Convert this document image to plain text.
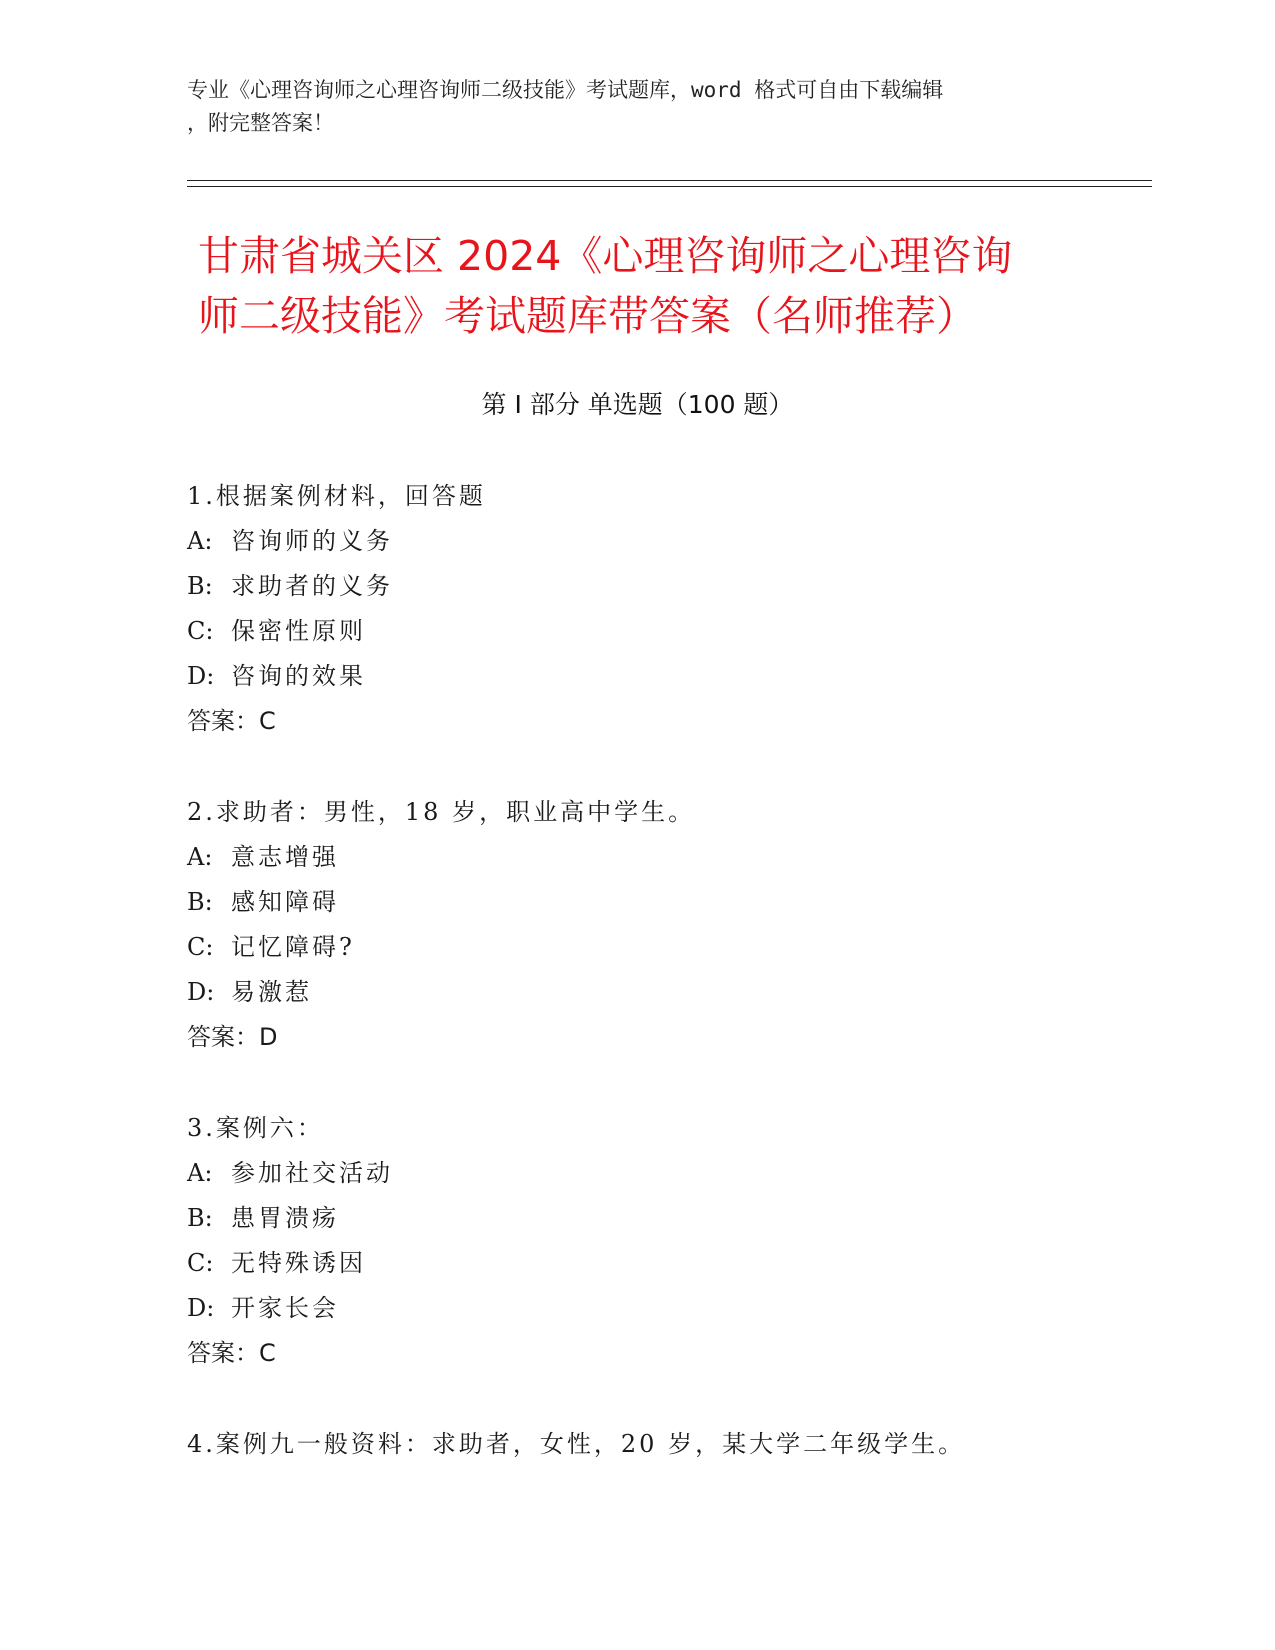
专业《心理咨询师之心理咨询师二级技能》考试题库，word 格式可自由下载编辑
，附完整答案！
甘肃省城关区 2024《心理咨询师之心理咨询
师二级技能》考试题库带答案（名师推荐）
第 I 部分 单选题（100 题）
1.根据案例材料，回答题
A: 咨询师的义务
B: 求助者的义务
C: 保密性原则
D: 咨询的效果
答案：C
2.求助者：男性，18 岁，职业高中学生。
A: 意志增强
B: 感知障碍
C: 记忆障碍?
D: 易激惹
答案：D
3.案例六：
A: 参加社交活动
B: 患胃溃疡
C: 无特殊诱因
D: 开家长会
答案：C
4.案例九一般资料：求助者，女性，20 岁，某大学二年级学生。
